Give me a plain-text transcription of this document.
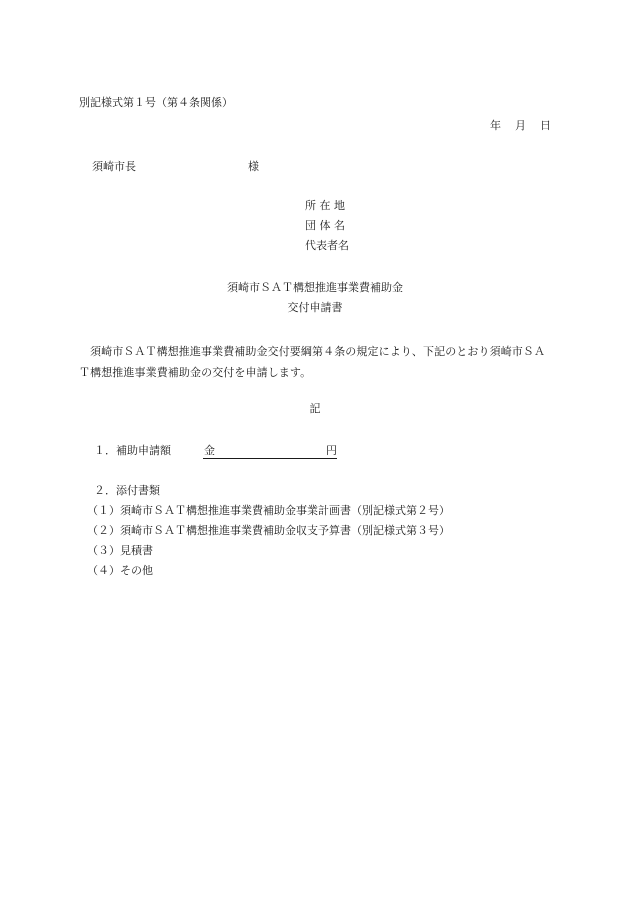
別記様式第１号（第４条関係）
年 月 日
須崎市長	様
所 在 地
団 体 名
代表者名
須崎市ＳＡＴ構想推進事業費補助金
交付申請書
須崎市ＳＡＴ構想推進事業費補助金交付要綱第４条の規定により、下記のとおり須崎市ＳＡＴ構想推進事業費補助金の交付を申請します。
記
１．補助申請額	金	円
２．添付書類
（１）須崎市ＳＡＴ構想推進事業費補助金事業計画書（別記様式第２号）
（２）須崎市ＳＡＴ構想推進事業費補助金収支予算書（別記様式第３号）
（３）見積書
（４）その他
